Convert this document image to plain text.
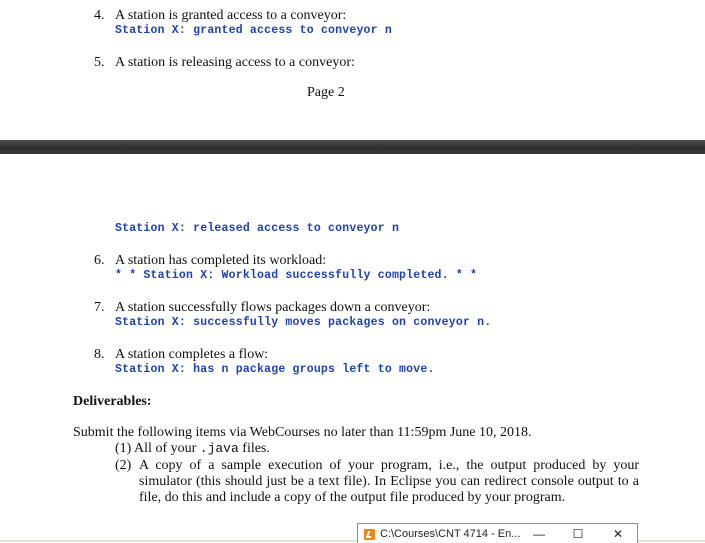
4. A station is granted access to a conveyor:
Station X: granted access to conveyor n
5. A station is releasing access to a conveyor:
Page 2
Station X: released access to conveyor n
6. A station has completed its workload:
* * Station X: Workload successfully completed. * *
7. A station successfully flows packages down a conveyor:
Station X: successfully moves packages on conveyor n.
8. A station completes a flow:
Station X: has n package groups left to move.
Deliverables:
Submit the following items via WebCourses no later than 11:59pm June 10, 2018.
(1) All of your .java files.
(2) A copy of a sample execution of your program, i.e., the output produced by your simulator (this should just be a text file). In Eclipse you can redirect console output to a file, do this and include a copy of the output file produced by your program.
C:\Courses\CNT 4714 - En... —	☐	✕
